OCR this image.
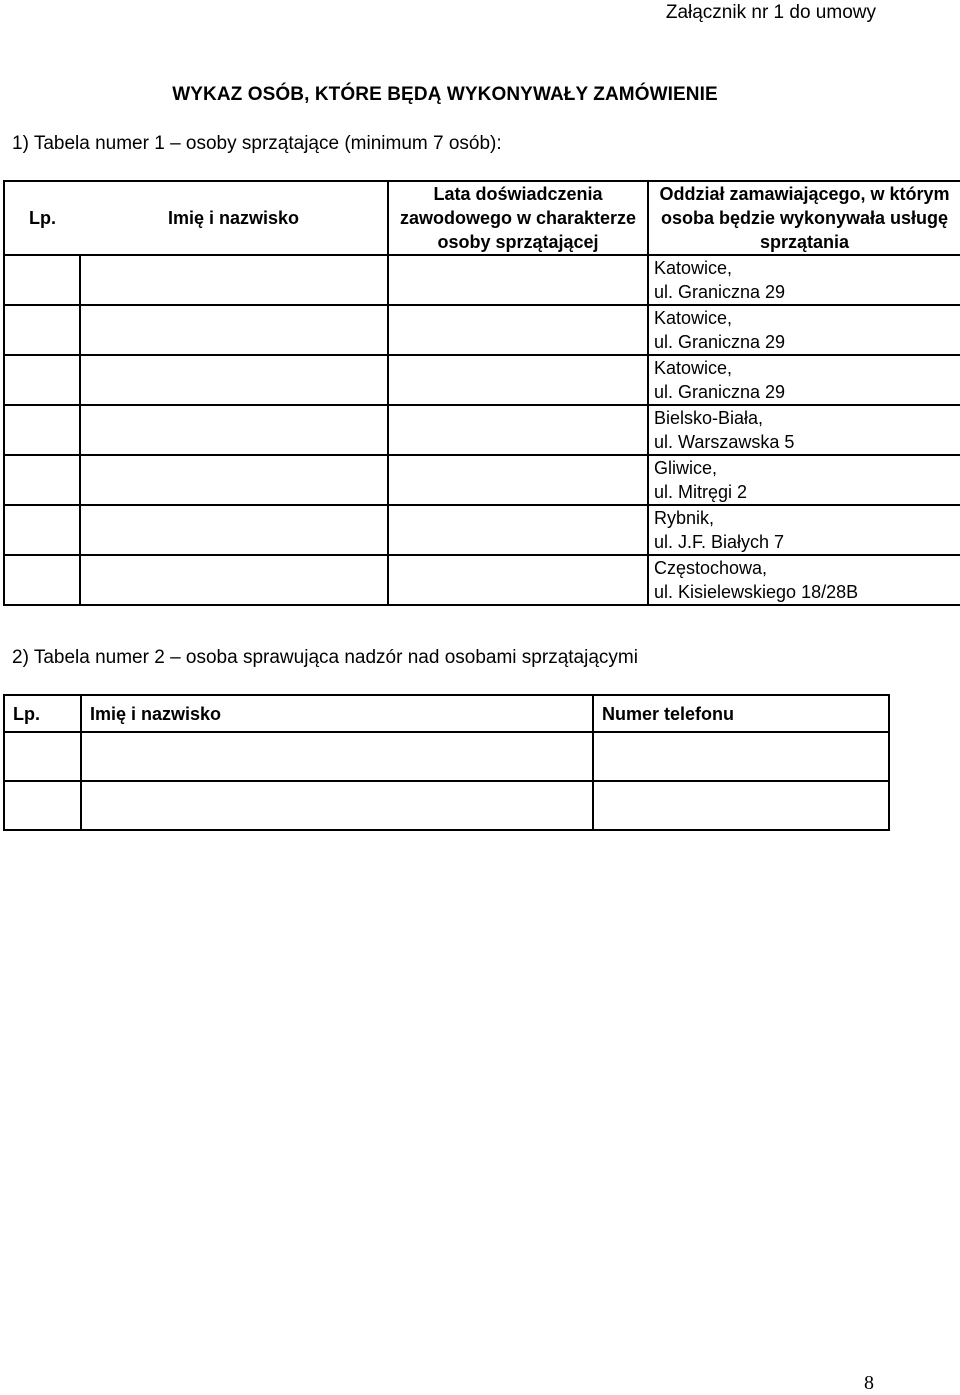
Załącznik nr 1 do umowy
WYKAZ OSÓB, KTÓRE BĘDĄ WYKONYWAŁY ZAMÓWIENIE
1) Tabela numer 1 – osoby sprzątające (minimum 7 osób):
Lp.	Imię i nazwisko	Lata doświadczenia zawodowego w charakterze osoby sprzątającej	Oddział zamawiającego, w którym osoba będzie wykonywała usługę sprzątania

			Katowice,
ul. Graniczna 29

			Katowice,
ul. Graniczna 29

			Katowice,
ul. Graniczna 29

			Bielsko-Biała,
ul. Warszawska 5

			Gliwice,
ul. Mitręgi 2

			Rybnik,
ul. J.F. Białych 7

			Częstochowa,
ul. Kisielewskiego 18/28B
2) Tabela numer 2 – osoba sprawująca nadzór nad osobami sprzątającymi
Lp.	Imię i nazwisko	Numer telefonu

8
